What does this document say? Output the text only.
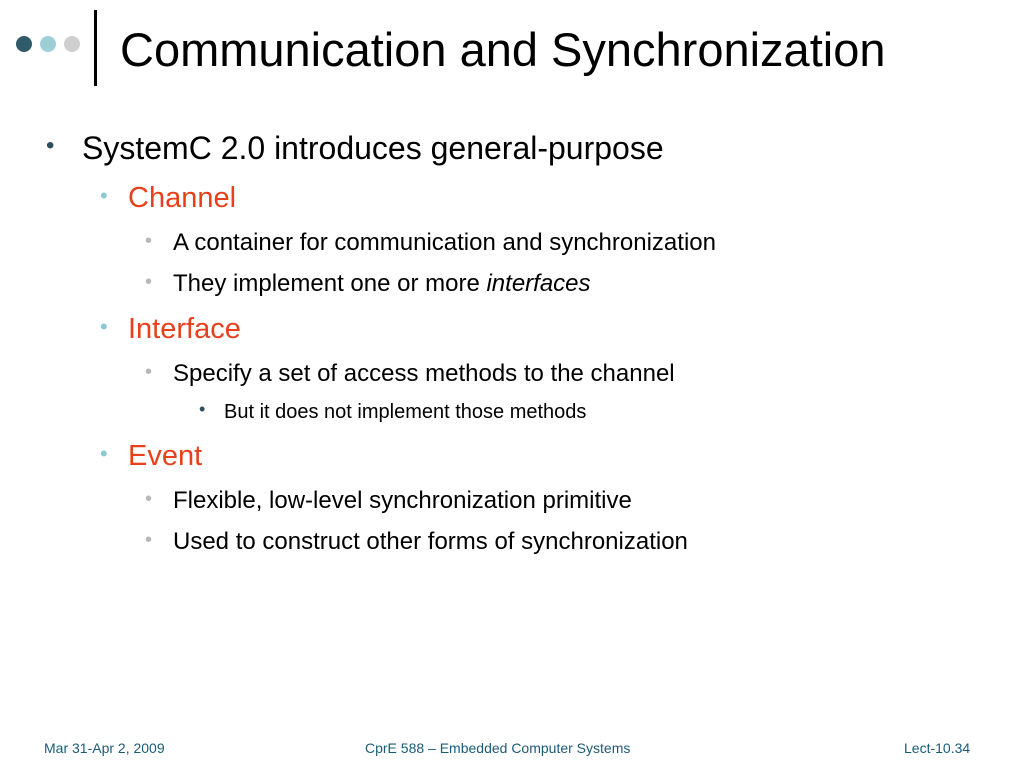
Communication and Synchronization
• SystemC 2.0 introduces general-purpose
• Channel
• A container for communication and synchronization
• They implement one or more interfaces
• Interface
• Specify a set of access methods to the channel
• But it does not implement those methods
• Event
• Flexible, low-level synchronization primitive
• Used to construct other forms of synchronization
Mar 31-Apr 2, 2009	CprE 588 – Embedded Computer Systems	Lect-10.34
